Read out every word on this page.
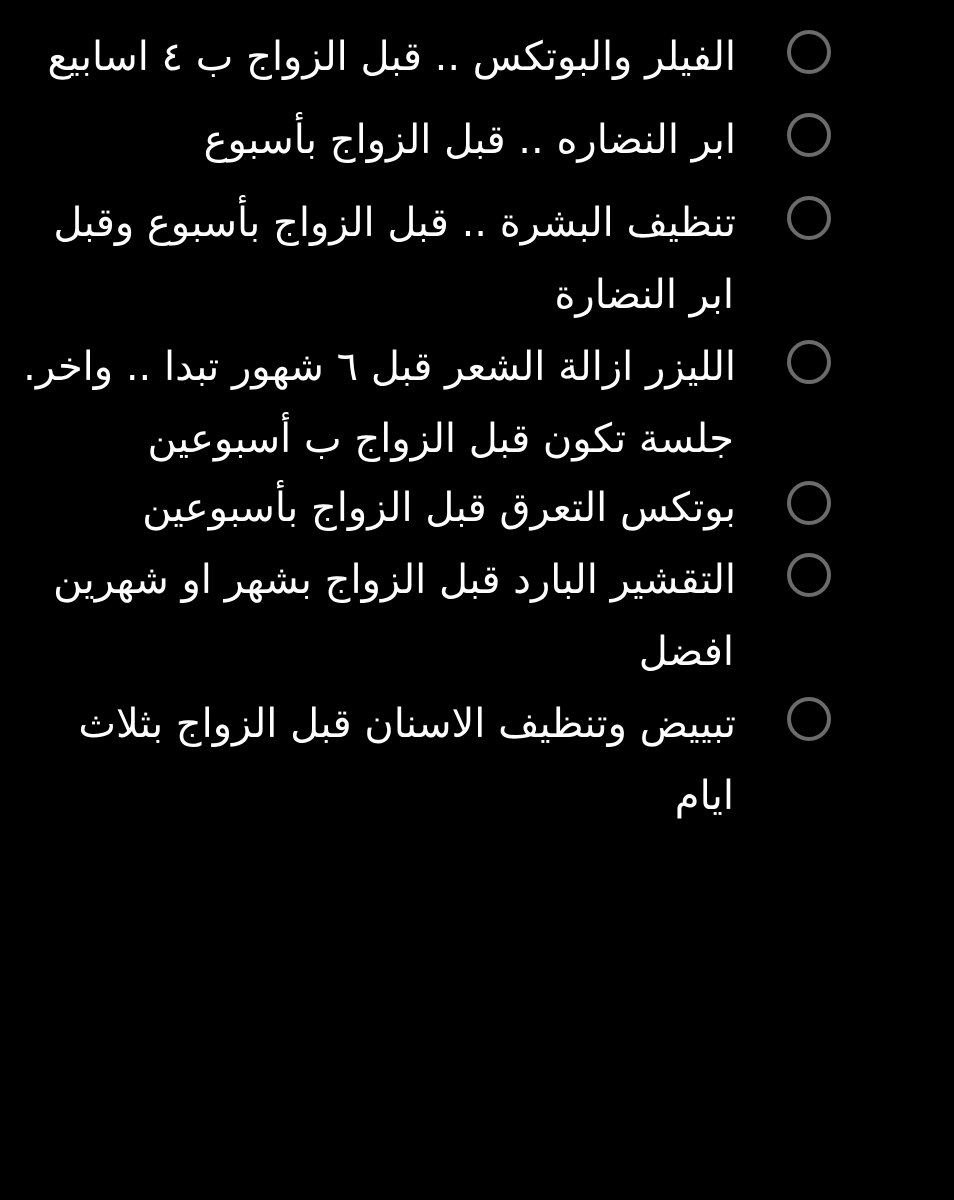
الفيلر والبوتكس .. قبل الزواج ب ٤ اسابيع
ابر النضاره .. قبل الزواج بأسبوع
تنظيف البشرة .. قبل الزواج بأسبوع وقبل
ابر النضارة
الليزر ازالة الشعر قبل ٦ شهور تبدا .. واخر.
جلسة تكون قبل الزواج ب أسبوعين
بوتكس التعرق قبل الزواج بأسبوعين
التقشير البارد قبل الزواج بشهر او شهرين
افضل
تبييض وتنظيف الاسنان قبل الزواج بثلاث
ايام
